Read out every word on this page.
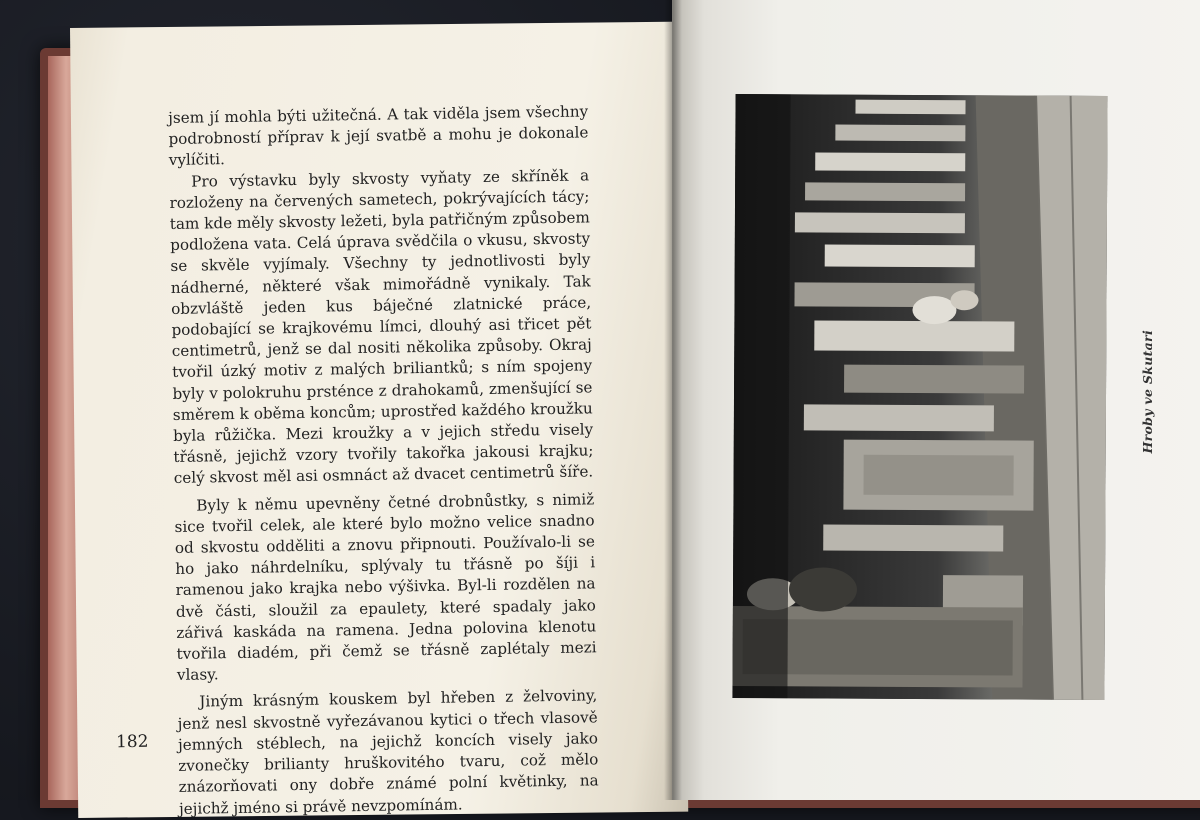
jsem jí mohla býti užitečná. A tak viděla jsem všechny podrobností příprav k její svatbě a mohu je dokonale vylíčiti.

Pro výstavku byly skvosty vyňaty ze skříněk a rozloženy na červených sametech, pokrývajících tácy; tam kde měly skvosty ležeti, byla patřičným způsobem podložena vata. Celá úprava svědčila o vkusu, skvosty se skvěle vyjímaly. Všechny ty jednotlivosti byly nádherné, některé však mimořádně vynikaly. Tak obzvláště jeden kus báječné zlatnické práce, podobající se krajkovému límci, dlouhý asi třicet pět centimetrů, jenž se dal nositi několika způsoby. Okraj tvořil úzký motiv z malých briliantků; s ním spojeny byly v polokruhu prsténce z drahokamů, zmenšující se směrem k oběma koncům; uprostřed každého kroužku byla růžička. Mezi kroužky a v jejich středu visely třásně, jejichž vzory tvořily takořka jakousi krajku; celý skvost měl asi osmnáct až dvacet centimetrů šíře.

Byly k němu upevněny četné drobnůstky, s nimiž sice tvořil celek, ale které bylo možno velice snadno od skvostu odděliti a znovu připnouti. Používalo-li se ho jako náhrdelníku, splývaly tu třásně po šíji i ramenou jako krajka nebo výšivka. Byl-li rozdělen na dvě části, sloužil za epaulety, které spadaly jako zářivá kaskáda na ramena. Jedna polovina klenotu tvořila diadém, při čemž se třásně zaplétaly mezi vlasy.

Jiným krásným kouskem byl hřeben z želvoviny, jenž nesl skvostně vyřezávanou kytici o třech vlasově jemných stéblech, na jejichž koncích visely jako zvonečky brilianty hruškovitého tvaru, což mělo znázorňovati ony dobře známé polní květinky, na jejichž jméno si právě nevzpomínám.

182
Hroby ve Skutari
